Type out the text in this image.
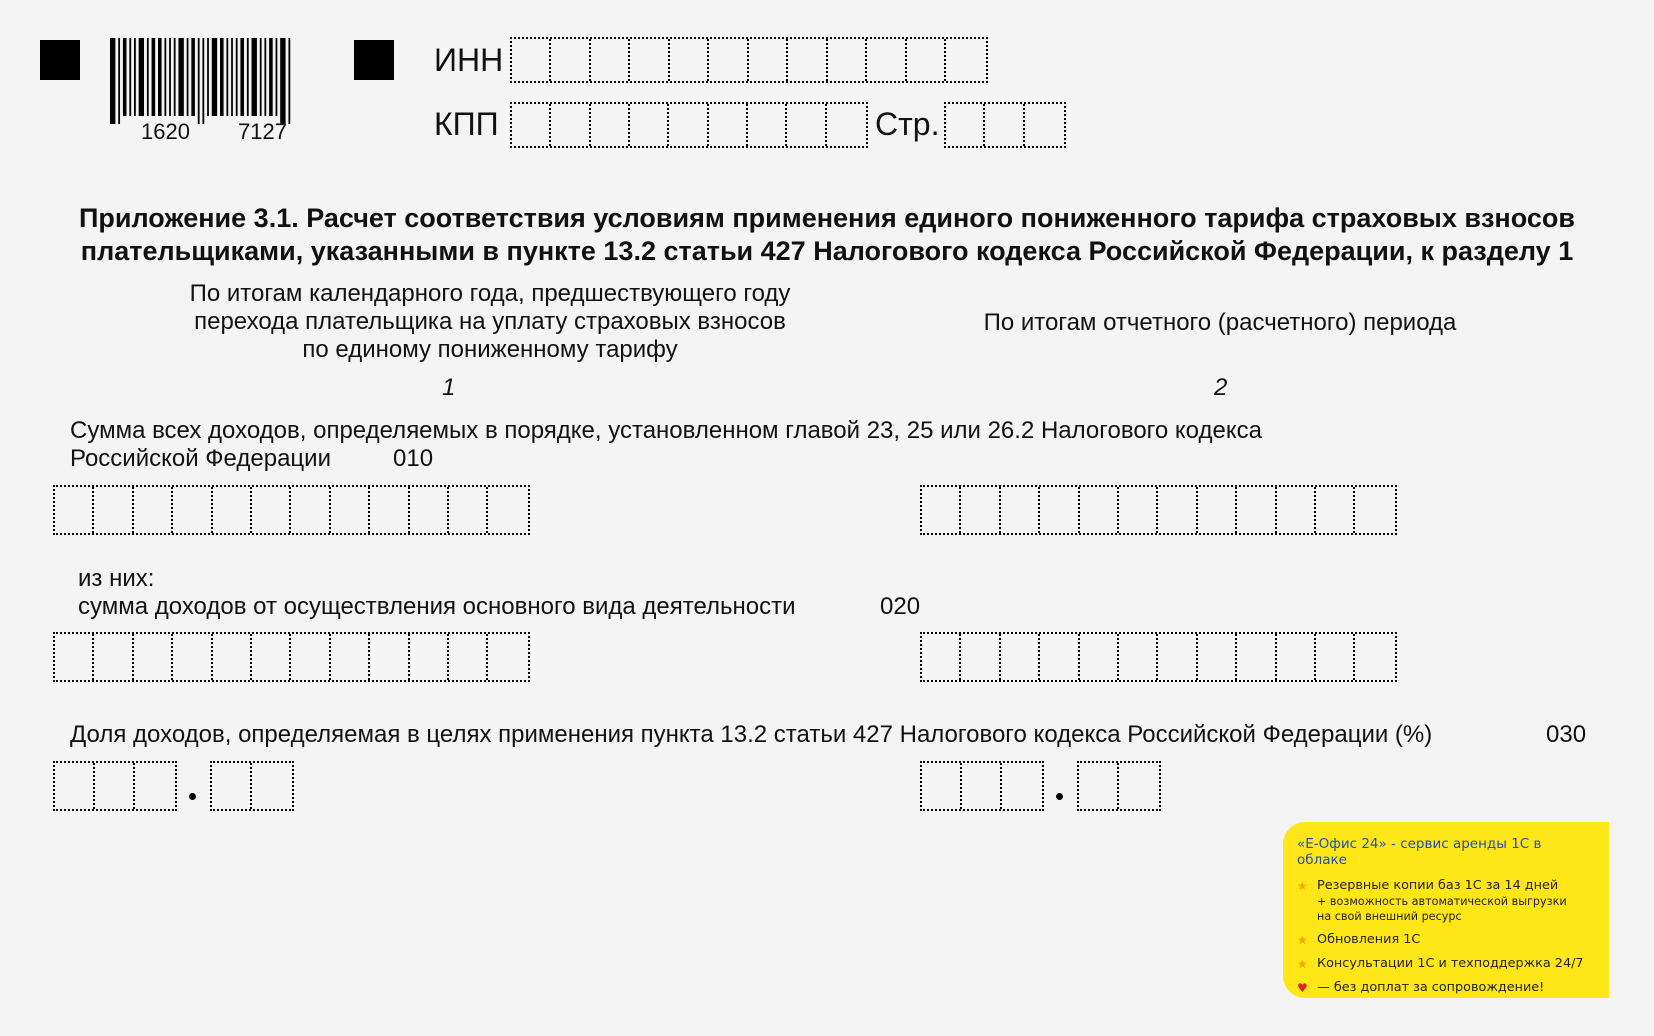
1620 7127
ИНН
КПП	Стр.
Приложение 3.1. Расчет соответствия условиям применения единого пониженного тарифа страховых взносов
плательщиками, указанными в пункте 13.2 статьи 427 Налогового кодекса Российской Федерации, к разделу 1
По итогам календарного года, предшествующего году
перехода плательщика на уплату страховых взносов
по единому пониженному тарифу
По итогам отчетного (расчетного) периода
1	2
Сумма всех доходов, определяемых в порядке, установленном главой 23, 25 или 26.2 Налогового кодекса
Российской Федерации	010
из них:
сумма доходов от осуществления основного вида деятельности	020
Доля доходов, определяемая в целях применения пункта 13.2 статьи 427 Налогового кодекса Российской Федерации (%)	030
«Е-Офис 24» - сервис аренды 1С в облаке
★ Резервные копии баз 1С за 14 дней
+ возможность автоматической выгрузки
на свой внешний ресурс
★ Обновления 1С
★ Консультации 1С и техподдержка 24/7
♥ — без доплат за сопровождение!
